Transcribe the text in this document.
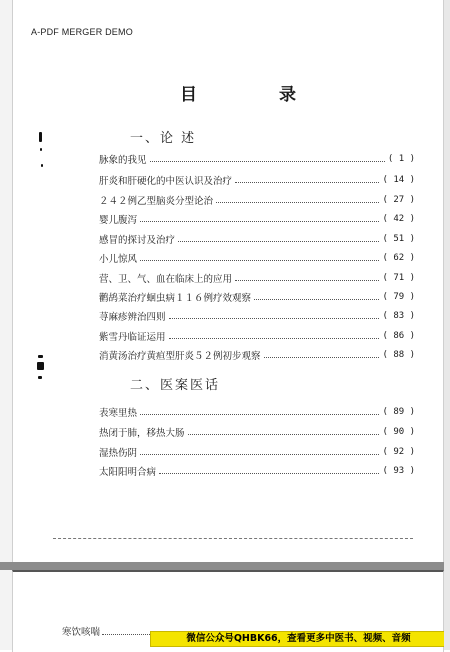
A-PDF MERGER DEMO
目 录
一、论 述
脉象的我见	( 1 )
肝炎和肝硬化的中医认识及治疗	( 14 )
２４２例乙型脑炎分型论治	( 27 )
婴儿腹泻	( 42 )
感冒的探讨及治疗	( 51 )
小儿惊风	( 62 )
营、卫、气、血在临床上的应用	( 71 )
鹳鸪菜治疗蛔虫病１１６例疗效观察	( 79 )
荨麻疹辨治四则	( 83 )
紫雪丹临证运用	( 86 )
消黄汤治疗黄疸型肝炎５２例初步观察	( 88 )
二、医案医话
表寒里热	( 89 )
热闭于肺，移热大肠	( 90 )
湿热伤阴	( 92 )
太阳阳明合病	( 93 )
寒饮咳喘
微信公众号QHBK66，查看更多中医书、视频、音频
